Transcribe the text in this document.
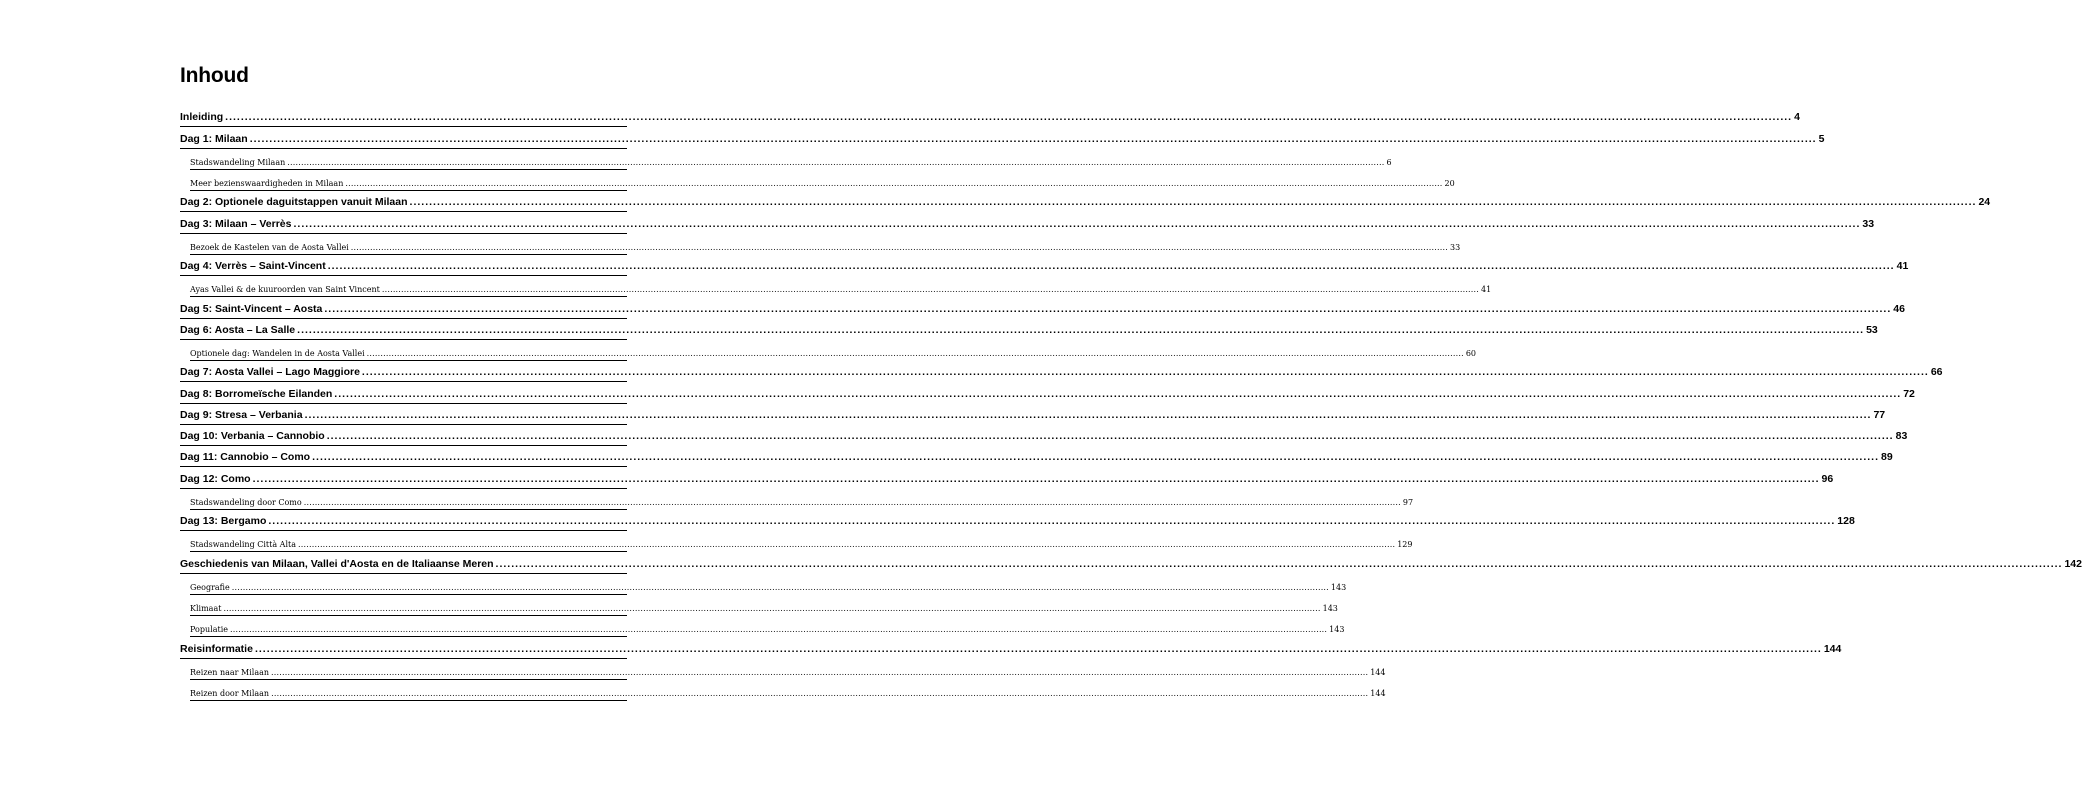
Inhoud
Inleiding ................................................................................................................................................................................................................................................................................................................................................................................................................ 4
Dag 1: Milaan ................................................................................................................................................................................................................................................................................................................................................................................................................ 5
Stadswandeling Milaan ................................................................................................................................................................................................................................................................................................................................................................................................................ 6
Meer bezienswaardigheden in Milaan ................................................................................................................................................................................................................................................................................................................................................................................................................ 20
Dag 2: Optionele daguitstappen vanuit Milaan ................................................................................................................................................................................................................................................................................................................................................................................................................ 24
Dag 3: Milaan – Verrès ................................................................................................................................................................................................................................................................................................................................................................................................................ 33
Bezoek de Kastelen van de Aosta Vallei ................................................................................................................................................................................................................................................................................................................................................................................................................ 33
Dag 4: Verrès – Saint-Vincent ................................................................................................................................................................................................................................................................................................................................................................................................................ 41
Ayas Vallei & de kuuroorden van Saint Vincent ................................................................................................................................................................................................................................................................................................................................................................................................................ 41
Dag 5: Saint-Vincent – Aosta ................................................................................................................................................................................................................................................................................................................................................................................................................ 46
Dag 6: Aosta – La Salle ................................................................................................................................................................................................................................................................................................................................................................................................................ 53
Optionele dag: Wandelen in de Aosta Vallei ................................................................................................................................................................................................................................................................................................................................................................................................................ 60
Dag 7: Aosta Vallei – Lago Maggiore ................................................................................................................................................................................................................................................................................................................................................................................................................ 66
Dag 8: Borromeïsche Eilanden ................................................................................................................................................................................................................................................................................................................................................................................................................ 72
Dag 9: Stresa – Verbania ................................................................................................................................................................................................................................................................................................................................................................................................................ 77
Dag 10: Verbania – Cannobio ................................................................................................................................................................................................................................................................................................................................................................................................................ 83
Dag 11: Cannobio – Como ................................................................................................................................................................................................................................................................................................................................................................................................................ 89
Dag 12: Como ................................................................................................................................................................................................................................................................................................................................................................................................................ 96
Stadswandeling door Como ................................................................................................................................................................................................................................................................................................................................................................................................................ 97
Dag 13: Bergamo ................................................................................................................................................................................................................................................................................................................................................................................................................ 128
Stadswandeling Città Alta ................................................................................................................................................................................................................................................................................................................................................................................................................ 129
Geschiedenis van Milaan, Vallei d'Aosta en de Italiaanse Meren ................................................................................................................................................................................................................................................................................................................................................................................................................ 142
Geografie ................................................................................................................................................................................................................................................................................................................................................................................................................ 143
Klimaat ................................................................................................................................................................................................................................................................................................................................................................................................................ 143
Populatie ................................................................................................................................................................................................................................................................................................................................................................................................................ 143
Reisinformatie ................................................................................................................................................................................................................................................................................................................................................................................................................ 144
Reizen naar Milaan ................................................................................................................................................................................................................................................................................................................................................................................................................ 144
Reizen door Milaan ................................................................................................................................................................................................................................................................................................................................................................................................................ 144
